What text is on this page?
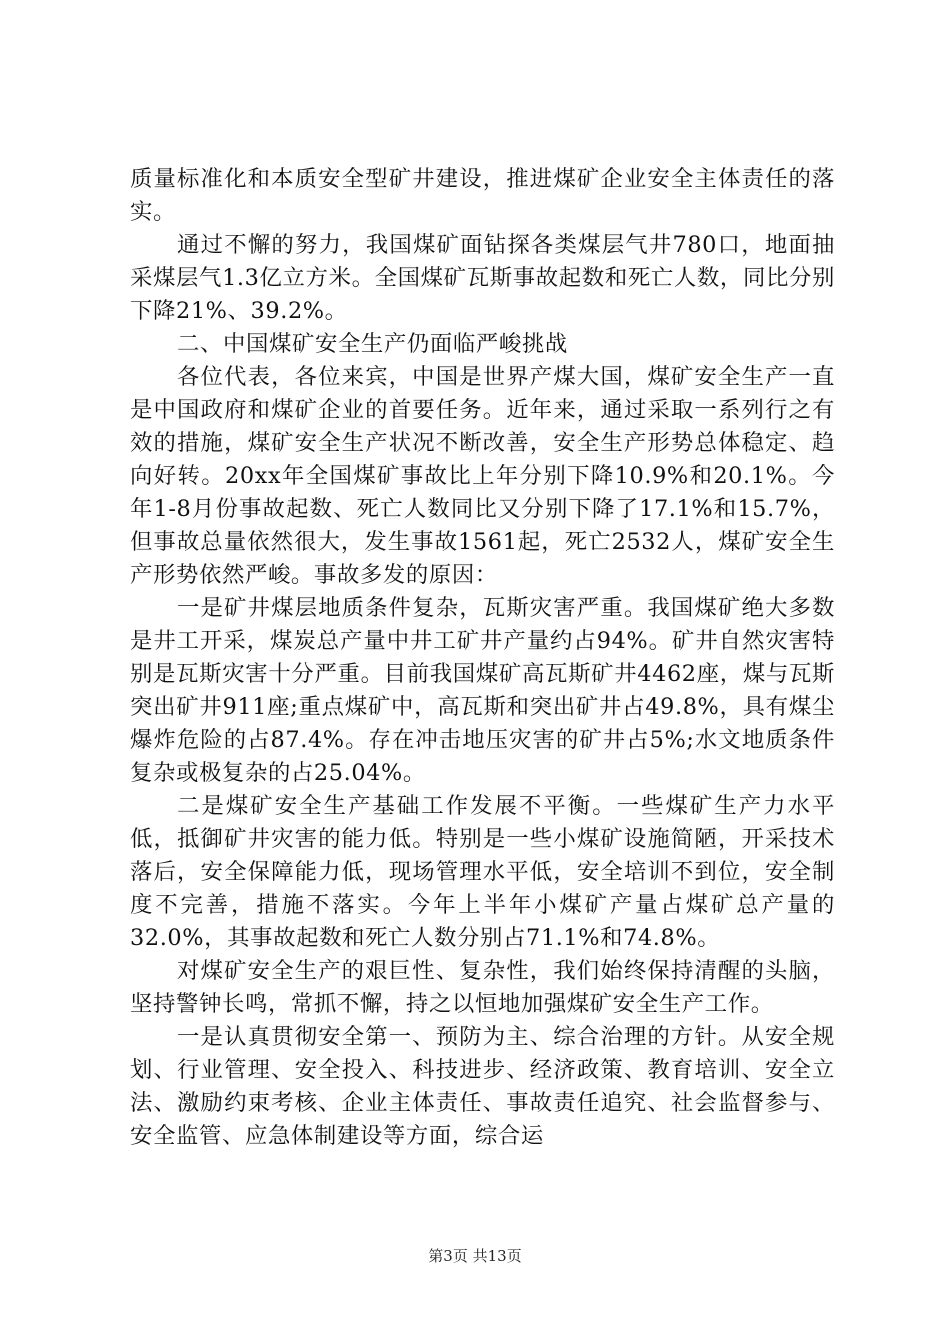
质量标准化和本质安全型矿井建设，推进煤矿企业安全主体责任的落实。

通过不懈的努力，我国煤矿面钻探各类煤层气井780口，地面抽采煤层气1.3亿立方米。全国煤矿瓦斯事故起数和死亡人数，同比分别下降21%、39.2%。

二、中国煤矿安全生产仍面临严峻挑战

各位代表，各位来宾，中国是世界产煤大国，煤矿安全生产一直是中国政府和煤矿企业的首要任务。近年来，通过采取一系列行之有效的措施，煤矿安全生产状况不断改善，安全生产形势总体稳定、趋向好转。20xx年全国煤矿事故比上年分别下降10.9%和20.1%。今年1-8月份事故起数、死亡人数同比又分别下降了17.1%和15.7%，但事故总量依然很大，发生事故1561起，死亡2532人，煤矿安全生产形势依然严峻。事故多发的原因：

一是矿井煤层地质条件复杂，瓦斯灾害严重。我国煤矿绝大多数是井工开采，煤炭总产量中井工矿井产量约占94%。矿井自然灾害特别是瓦斯灾害十分严重。目前我国煤矿高瓦斯矿井4462座，煤与瓦斯突出矿井911座;重点煤矿中，高瓦斯和突出矿井占49.8%，具有煤尘爆炸危险的占87.4%。存在冲击地压灾害的矿井占5%;水文地质条件复杂或极复杂的占25.04%。

二是煤矿安全生产基础工作发展不平衡。一些煤矿生产力水平低，抵御矿井灾害的能力低。特别是一些小煤矿设施简陋，开采技术落后，安全保障能力低，现场管理水平低，安全培训不到位，安全制度不完善，措施不落实。今年上半年小煤矿产量占煤矿总产量的32.0%，其事故起数和死亡人数分别占71.1%和74.8%。

对煤矿安全生产的艰巨性、复杂性，我们始终保持清醒的头脑，坚持警钟长鸣，常抓不懈，持之以恒地加强煤矿安全生产工作。

一是认真贯彻安全第一、预防为主、综合治理的方针。从安全规划、行业管理、安全投入、科技进步、经济政策、教育培训、安全立法、激励约束考核、企业主体责任、事故责任追究、社会监督参与、安全监管、应急体制建设等方面，综合运

第3页 共13页
